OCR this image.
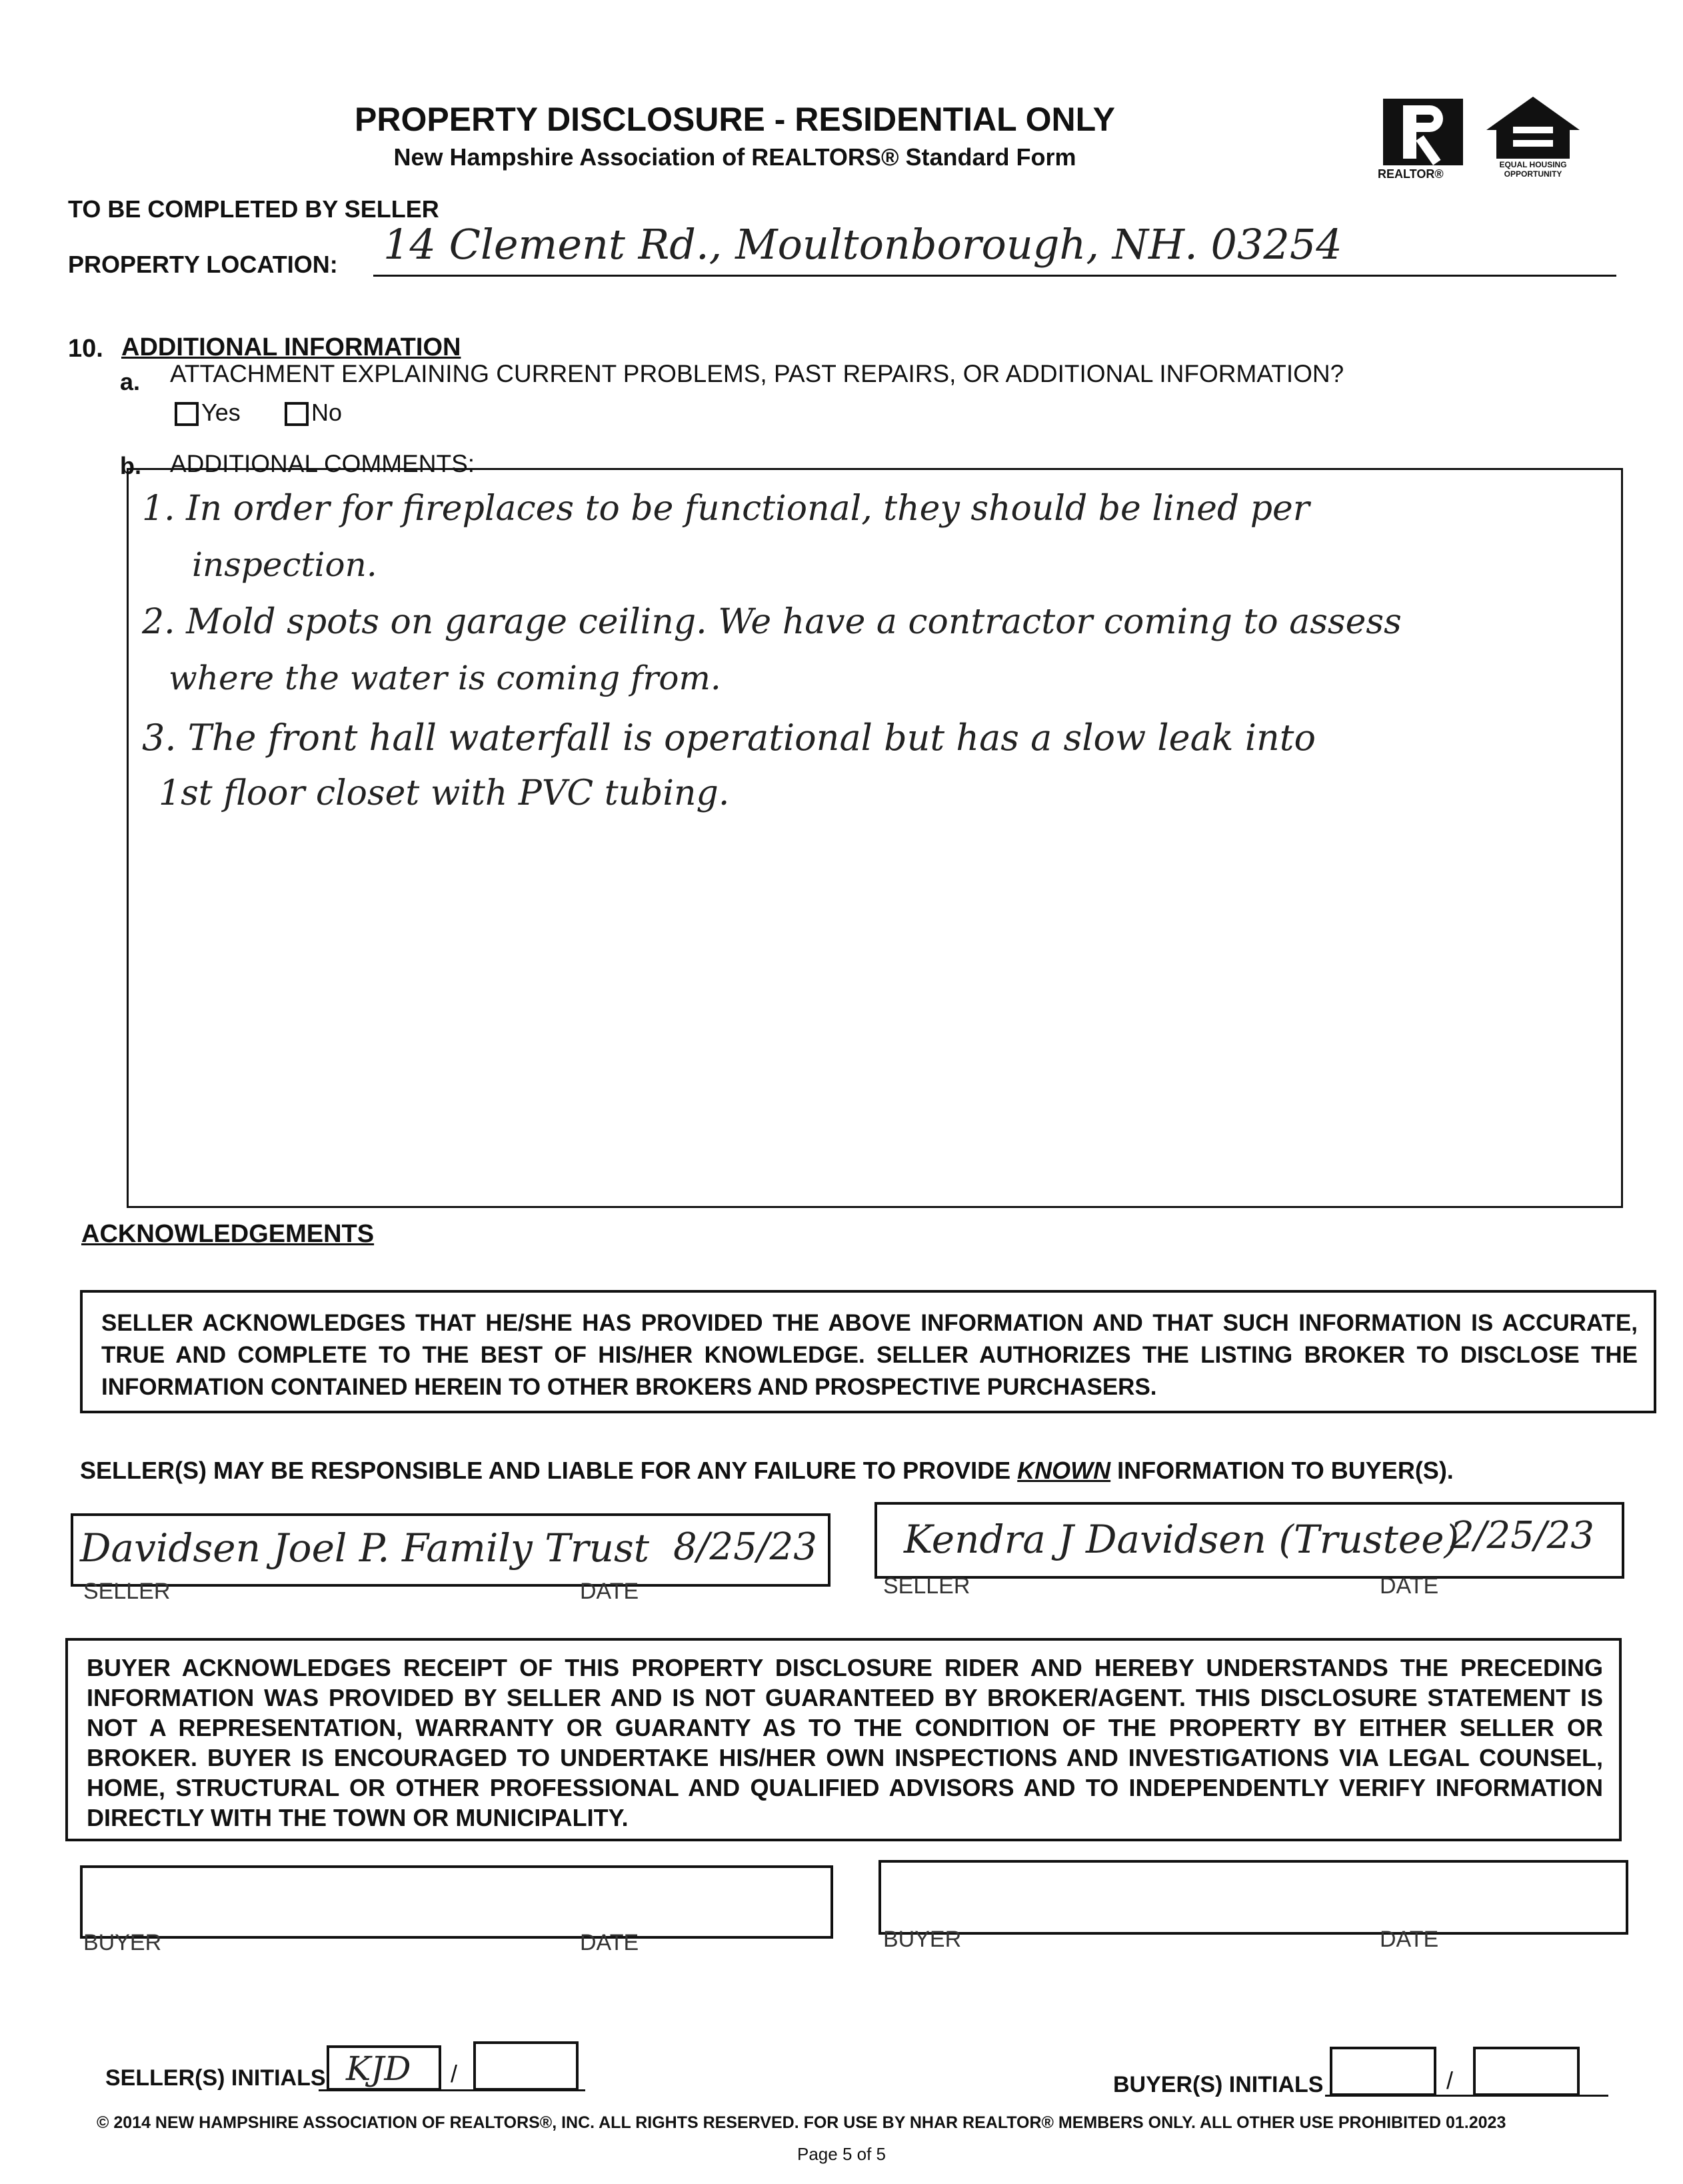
PROPERTY DISCLOSURE - RESIDENTIAL ONLY
New Hampshire Association of REALTORS® Standard Form
REALTOR®
EQUAL HOUSING OPPORTUNITY
TO BE COMPLETED BY SELLER
PROPERTY LOCATION: 14 Clement Rd., Moultonborough, NH. 03254
10. ADDITIONAL INFORMATION
a. ATTACHMENT EXPLAINING CURRENT PROBLEMS, PAST REPAIRS, OR ADDITIONAL INFORMATION?
Yes	No
b. ADDITIONAL COMMENTS:
1. In order for fireplaces to be functional, they should be lined per
inspection.
2. Mold spots on garage ceiling. We have a contractor coming to assess
where the water is coming from.
3. The front hall waterfall is operational but has a slow leak into
1st floor closet with PVC tubing.
ACKNOWLEDGEMENTS
SELLER ACKNOWLEDGES THAT HE/SHE HAS PROVIDED THE ABOVE INFORMATION AND THAT SUCH INFORMATION IS ACCURATE, TRUE AND COMPLETE TO THE BEST OF HIS/HER KNOWLEDGE. SELLER AUTHORIZES THE LISTING BROKER TO DISCLOSE THE INFORMATION CONTAINED HEREIN TO OTHER BROKERS AND PROSPECTIVE PURCHASERS.
SELLER(S) MAY BE RESPONSIBLE AND LIABLE FOR ANY FAILURE TO PROVIDE KNOWN INFORMATION TO BUYER(S).
Davidsen Joel P. Family Trust 8/25/23
SELLER	DATE
Kendra J Davidsen (Trustee)
2/25/23
SELLER	DATE
BUYER ACKNOWLEDGES RECEIPT OF THIS PROPERTY DISCLOSURE RIDER AND HEREBY UNDERSTANDS THE PRECEDING INFORMATION WAS PROVIDED BY SELLER AND IS NOT GUARANTEED BY BROKER/AGENT. THIS DISCLOSURE STATEMENT IS NOT A REPRESENTATION, WARRANTY OR GUARANTY AS TO THE CONDITION OF THE PROPERTY BY EITHER SELLER OR BROKER. BUYER IS ENCOURAGED TO UNDERTAKE HIS/HER OWN INSPECTIONS AND INVESTIGATIONS VIA LEGAL COUNSEL, HOME, STRUCTURAL OR OTHER PROFESSIONAL AND QUALIFIED ADVISORS AND TO INDEPENDENTLY VERIFY INFORMATION DIRECTLY WITH THE TOWN OR MUNICIPALITY.
BUYER	DATE	BUYER	DATE
SELLER(S) INITIALS KJD /	BUYER(S) INITIALS	/
© 2014 NEW HAMPSHIRE ASSOCIATION OF REALTORS®, INC. ALL RIGHTS RESERVED. FOR USE BY NHAR REALTOR® MEMBERS ONLY. ALL OTHER USE PROHIBITED 01.2023
Page 5 of 5
